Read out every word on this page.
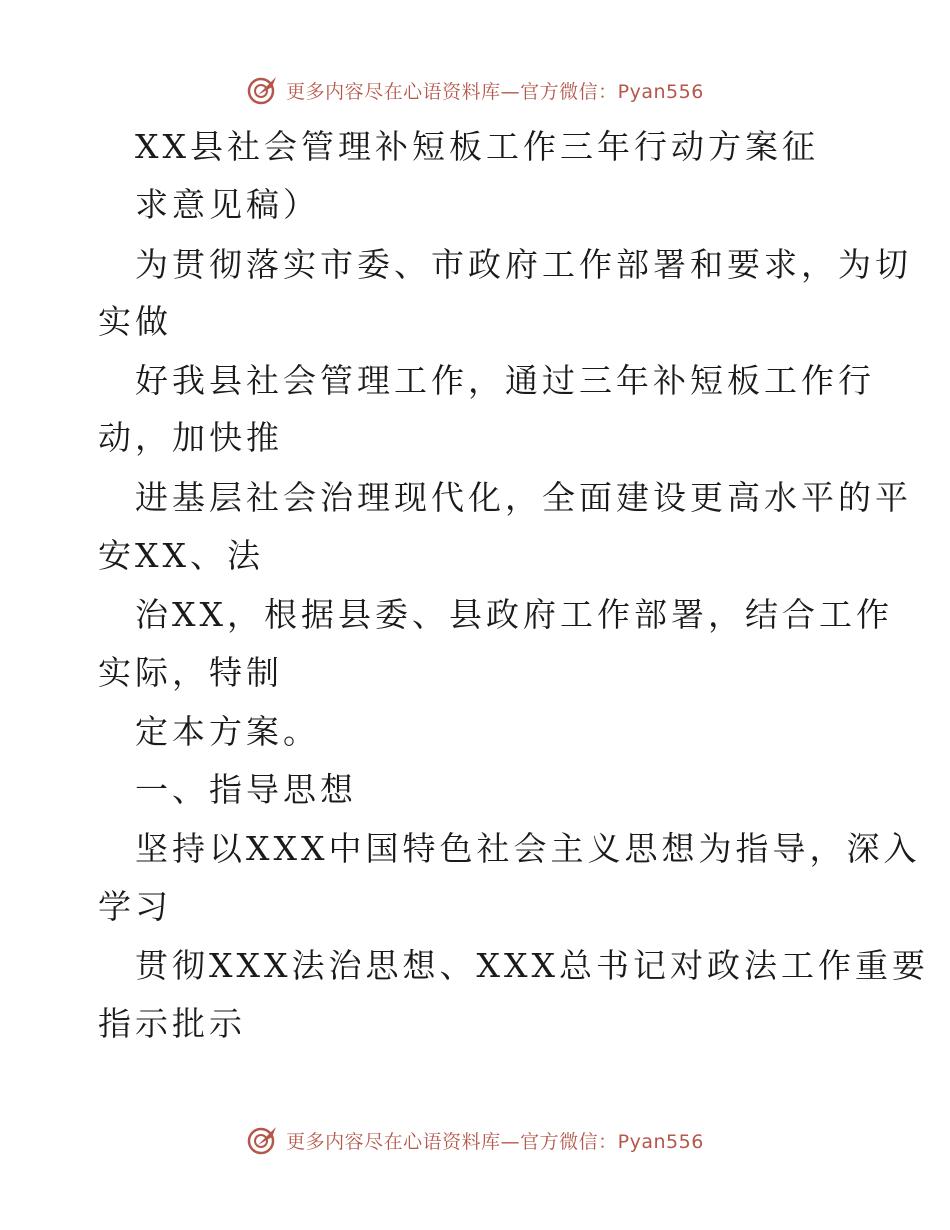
更多内容尽在心语资料库—官方微信：Pyan556
XX县社会管理补短板工作三年行动方案征
求意见稿）
为贯彻落实市委、市政府工作部署和要求，为切
实做
好我县社会管理工作，通过三年补短板工作行
动，加快推
进基层社会治理现代化，全面建设更高水平的平
安XX、法
治XX，根据县委、县政府工作部署，结合工作
实际，特制
定本方案。
一、指导思想
坚持以XXX中国特色社会主义思想为指导，深入
学习
贯彻XXX法治思想、XXX总书记对政法工作重要
指示批示
更多内容尽在心语资料库—官方微信：Pyan556
